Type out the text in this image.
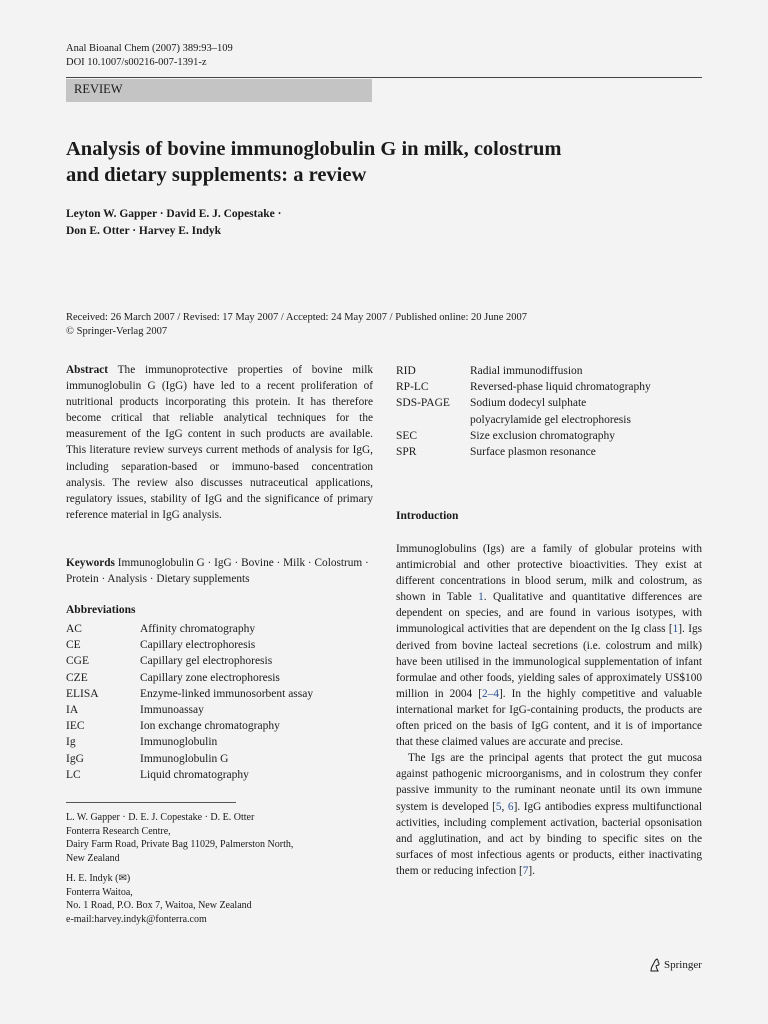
Anal Bioanal Chem (2007) 389:93–109
DOI 10.1007/s00216-007-1391-z
REVIEW
Analysis of bovine immunoglobulin G in milk, colostrum
and dietary supplements: a review
Leyton W. Gapper · David E. J. Copestake ·
Don E. Otter · Harvey E. Indyk
Received: 26 March 2007 / Revised: 17 May 2007 / Accepted: 24 May 2007 / Published online: 20 June 2007
© Springer-Verlag 2007

Abstract The immunoprotective properties of bovine milk immunoglobulin G (IgG) have led to a recent proliferation of nutritional products incorporating this protein. It has therefore become critical that reliable analytical techniques for the measurement of the IgG content in such products are available. This literature review surveys current methods of analysis for IgG, including separation-based or immuno-based concentration analysis. The review also discusses nutraceutical applications, regulatory issues, stability of IgG and the significance of primary reference material in IgG analysis.

Keywords Immunoglobulin G · IgG · Bovine · Milk · Colostrum · Protein · Analysis · Dietary supplements

Abbreviations
AC	Affinity chromatography
CE	Capillary electrophoresis
CGE	Capillary gel electrophoresis
CZE	Capillary zone electrophoresis
ELISA	Enzyme-linked immunosorbent assay
IA	Immunoassay
IEC	Ion exchange chromatography
Ig	Immunoglobulin
IgG	Immunoglobulin G
LC	Liquid chromatography
RID	Radial immunodiffusion
RP-LC	Reversed-phase liquid chromatography
SDS-PAGE	Sodium dodecyl sulphate
polyacrylamide gel electrophoresis
SEC	Size exclusion chromatography
SPR	Surface plasmon resonance
L. W. Gapper · D. E. J. Copestake · D. E. Otter
Fonterra Research Centre,
Dairy Farm Road, Private Bag 11029, Palmerston North,
New Zealand
H. E. Indyk (✉)
Fonterra Waitoa,
No. 1 Road, P.O. Box 7, Waitoa, New Zealand
e-mail:harvey.indyk@fonterra.com
Introduction

Immunoglobulins (Igs) are a family of globular proteins with antimicrobial and other protective bioactivities. They exist at different concentrations in blood serum, milk and colostrum, as shown in Table 1. Qualitative and quantitative differences are dependent on species, and are found in various isotypes, with immunological activities that are dependent on the Ig class [1]. Igs derived from bovine lacteal secretions (i.e. colostrum and milk) have been utilised in the immunological supplementation of infant formulae and other foods, yielding sales of approximately US$100 million in 2004 [2–4]. In the highly competitive and valuable international market for IgG-containing products, the products are often priced on the basis of IgG content, and it is of importance that these claimed values are accurate and precise.

The Igs are the principal agents that protect the gut mucosa against pathogenic microorganisms, and in colostrum they confer passive immunity to the ruminant neonate until its own immune system is developed [5, 6]. IgG antibodies express multifunctional activities, including complement activation, bacterial opsonisation and agglutination, and act by binding to specific sites on the surfaces of most infectious agents or products, either inactivating them or reducing infection [7].

Springer
